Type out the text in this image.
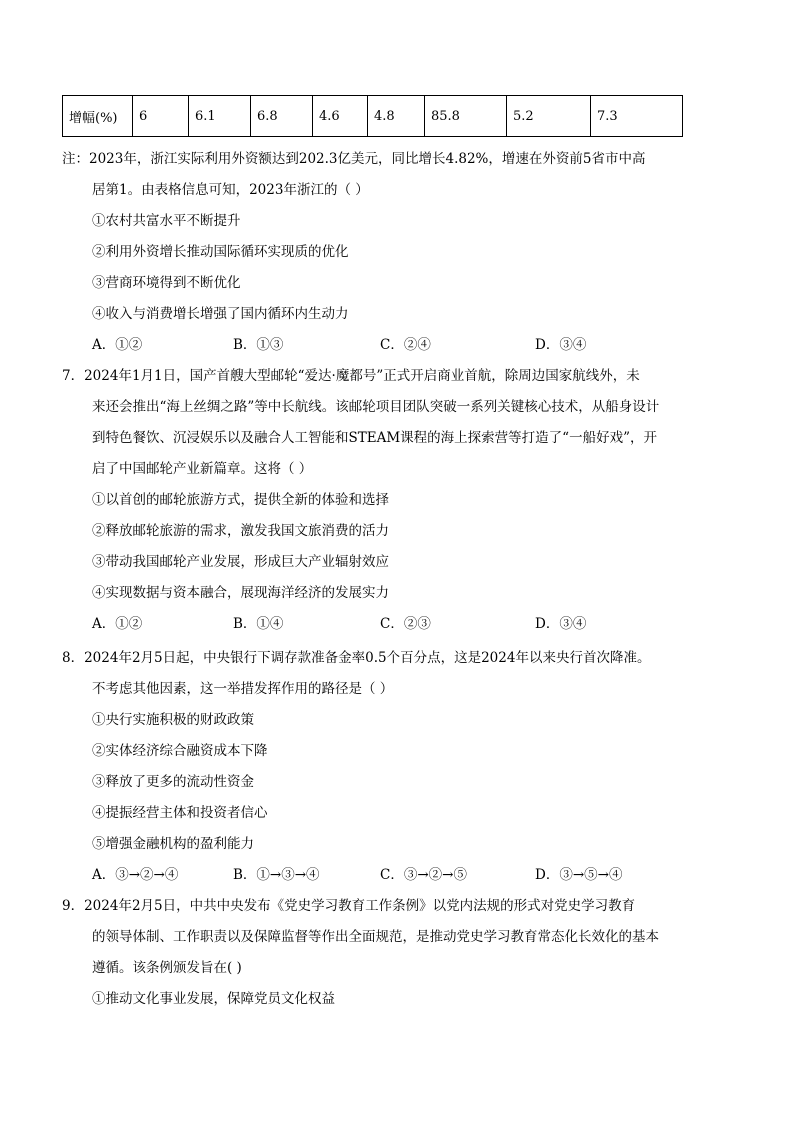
增幅(%)	6	6.1	6.8	4.6	4.8	85.8	5.2	7.3
注：2023年，浙江实际利用外资额达到202.3亿美元，同比增长4.82%，增速在外资前5省市中高
居第1。由表格信息可知，2023年浙江的（ ）
①农村共富水平不断提升
②利用外资增长推动国际循环实现质的优化
③营商环境得到不断优化
④收入与消费增长增强了国内循环内生动力
A．①②	B．①③	C．②④	D．③④
7．2024年1月1日，国产首艘大型邮轮“爱达·魔都号”正式开启商业首航，除周边国家航线外，未
来还会推出“海上丝绸之路”等中长航线。该邮轮项目团队突破一系列关键核心技术，从船身设计
到特色餐饮、沉浸娱乐以及融合人工智能和STEAM课程的海上探索营等打造了“一船好戏”，开
启了中国邮轮产业新篇章。这将（ ）
①以首创的邮轮旅游方式，提供全新的体验和选择
②释放邮轮旅游的需求，激发我国文旅消费的活力
③带动我国邮轮产业发展，形成巨大产业辐射效应
④实现数据与资本融合，展现海洋经济的发展实力
A．①②	B．①④	C．②③	D．③④
8．2024年2月5日起，中央银行下调存款准备金率0.5个百分点，这是2024年以来央行首次降准。
不考虑其他因素，这一举措发挥作用的路径是（ ）
①央行实施积极的财政政策
②实体经济综合融资成本下降
③释放了更多的流动性资金
④提振经营主体和投资者信心
⑤增强金融机构的盈利能力
A．③→②→④	B．①→③→④	C．③→②→⑤	D．③→⑤→④
9．2024年2月5日，中共中央发布《党史学习教育工作条例》以党内法规的形式对党史学习教育
的领导体制、工作职责以及保障监督等作出全面规范，是推动党史学习教育常态化长效化的基本
遵循。该条例颁发旨在( )
①推动文化事业发展，保障党员文化权益
